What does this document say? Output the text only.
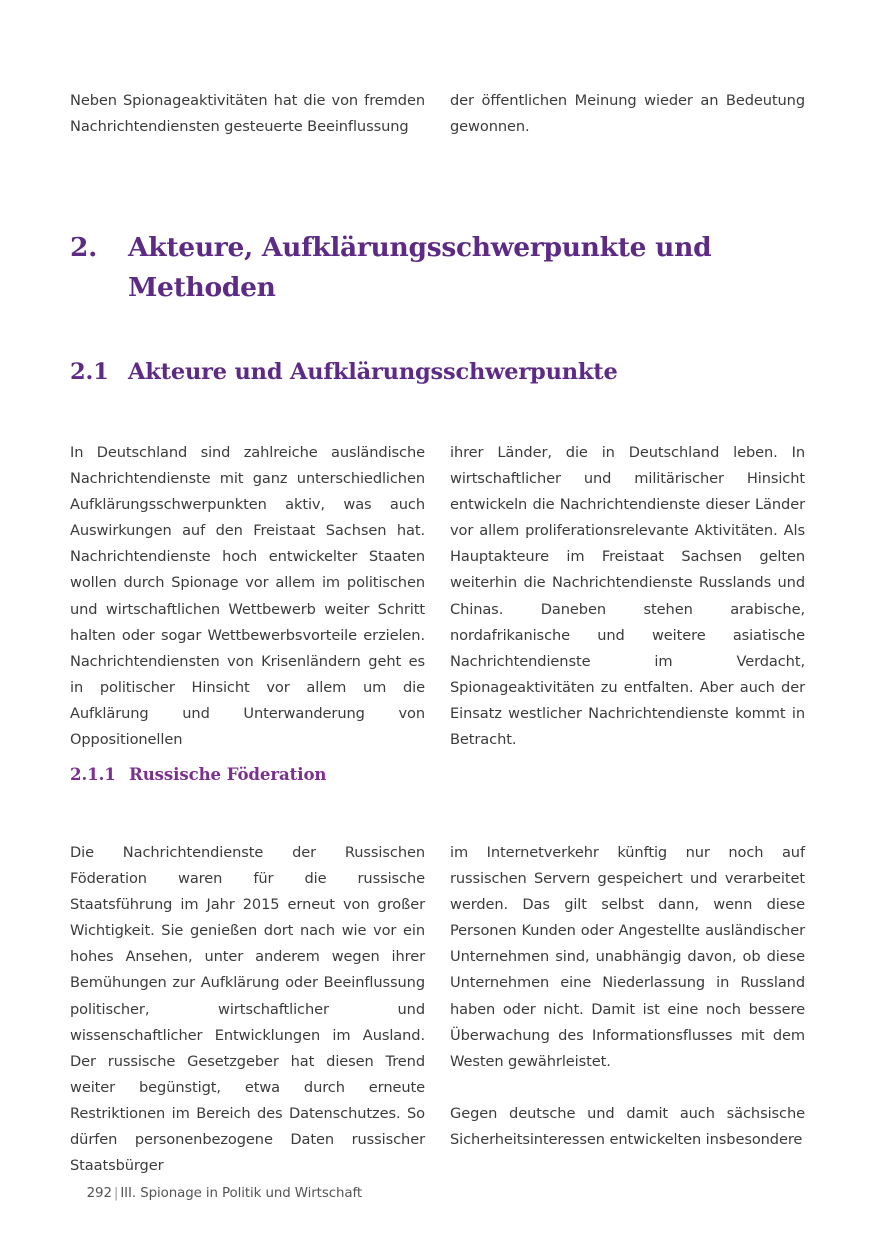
Neben Spionageaktivitäten hat die von fremden Nachrichtendiensten gesteuerte Beeinflussung

der öffentlichen Meinung wieder an Bedeutung gewonnen.

2.	Akteure, Aufklärungsschwerpunkte und Methoden
2.1 Akteure und Aufklärungsschwerpunkte

In Deutschland sind zahlreiche ausländische Nachrichtendienste mit ganz unterschiedlichen Aufklärungsschwerpunkten aktiv, was auch Auswirkungen auf den Freistaat Sachsen hat. Nachrichtendienste hoch entwickelter Staaten wollen durch Spionage vor allem im politischen und wirtschaftlichen Wettbewerb weiter Schritt halten oder sogar Wettbewerbsvorteile erzielen. Nachrichtendiensten von Krisenländern geht es in politischer Hinsicht vor allem um die Aufklärung und Unterwanderung von Oppositionellen

ihrer Länder, die in Deutschland leben. In wirtschaftlicher und militärischer Hinsicht entwickeln die Nachrichtendienste dieser Länder vor allem proliferationsrelevante Aktivitäten. Als Hauptakteure im Freistaat Sachsen gelten weiterhin die Nachrichtendienste Russlands und Chinas. Daneben stehen arabische, nordafrikanische und weitere asiatische Nachrichtendienste im Verdacht, Spionageaktivitäten zu entfalten. Aber auch der Einsatz westlicher Nachrichtendienste kommt in Betracht.

2.1.1 Russische Föderation

Die Nachrichtendienste der Russischen Föderation waren für die russische Staatsführung im Jahr 2015 erneut von großer Wichtigkeit. Sie genießen dort nach wie vor ein hohes Ansehen, unter anderem wegen ihrer Bemühungen zur Aufklärung oder Beeinflussung politischer, wirtschaftlicher und wissenschaftlicher Entwicklungen im Ausland. Der russische Gesetzgeber hat diesen Trend weiter begünstigt, etwa durch erneute Restriktionen im Bereich des Datenschutzes. So dürfen personenbezogene Daten russischer Staatsbürger

im Internetverkehr künftig nur noch auf russischen Servern gespeichert und verarbeitet werden. Das gilt selbst dann, wenn diese Personen Kunden oder Angestellte ausländischer Unternehmen sind, unabhängig davon, ob diese Unternehmen eine Niederlassung in Russland haben oder nicht. Damit ist eine noch bessere Überwachung des Informationsflusses mit dem Westen gewährleistet.

Gegen deutsche und damit auch sächsische Sicherheitsinteressen entwickelten insbesondere

292 | III. Spionage in Politik und Wirtschaft
